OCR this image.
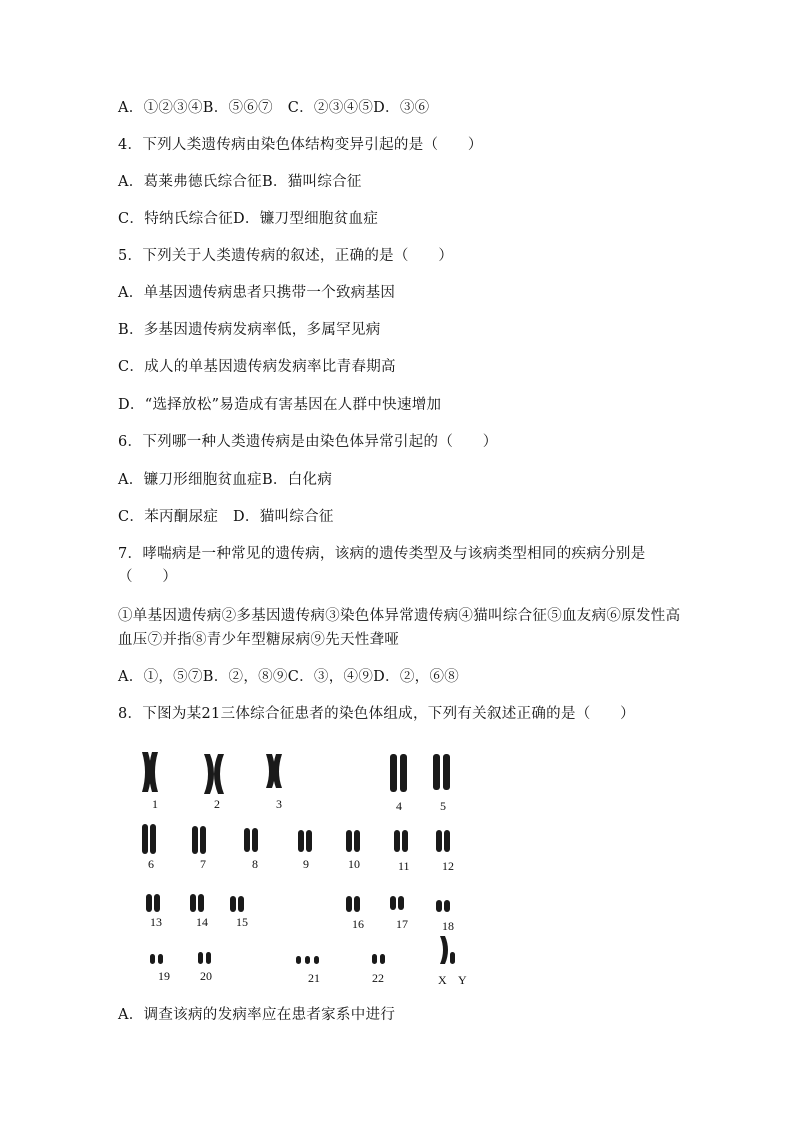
A．①②③④B．⑤⑥⑦　C．②③④⑤D．③⑥
4．下列人类遗传病由染色体结构变异引起的是（　　）
A．葛莱弗德氏综合征B．猫叫综合征
C．特纳氏综合征D．镰刀型细胞贫血症
5．下列关于人类遗传病的叙述，正确的是（　　）
A．单基因遗传病患者只携带一个致病基因
B．多基因遗传病发病率低，多属罕见病
C．成人的单基因遗传病发病率比青春期高
D．“选择放松”易造成有害基因在人群中快速增加
6．下列哪一种人类遗传病是由染色体异常引起的（　　）
A．镰刀形细胞贫血症B．白化病
C．苯丙酮尿症　D．猫叫综合征
7．哮喘病是一种常见的遗传病，该病的遗传类型及与该病类型相同的疾病分别是
（　　）
①单基因遗传病②多基因遗传病③染色体异常遗传病④猫叫综合征⑤血友病⑥原发性高
血压⑦并指⑧青少年型糖尿病⑨先天性聋哑
A．①，⑤⑦B．②，⑧⑨C．③，④⑨D．②，⑥⑧
8．下图为某21三体综合征患者的染色体组成，下列有关叙述正确的是（　　）
1	2	3	4	5
6	7	8	9	10	11	12
13	14 15	16	17	18
19	20	21	22	X Y
A．调查该病的发病率应在患者家系中进行
